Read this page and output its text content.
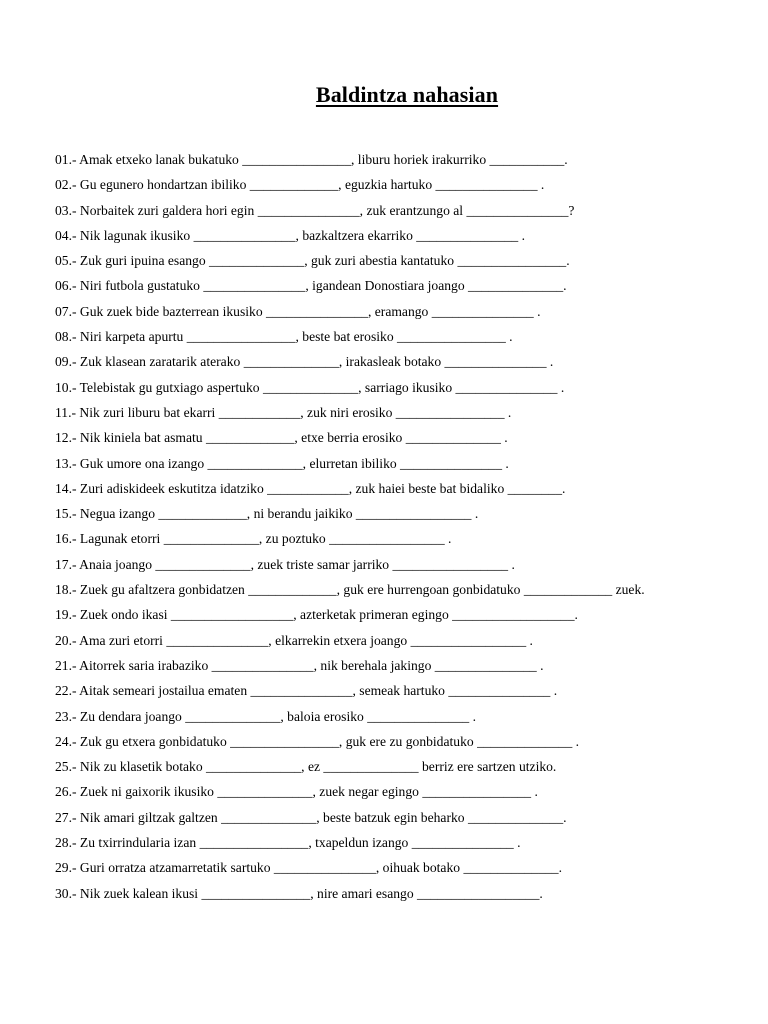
Baldintza nahasian
01.- Amak etxeko lanak bukatuko ________________, liburu horiek irakurriko ___________.
02.- Gu egunero hondartzan ibiliko _____________, eguzkia hartuko _______________ .
03.- Norbaitek zuri galdera hori egin _______________, zuk erantzungo al _______________?
04.- Nik lagunak ikusiko _______________, bazkaltzera ekarriko _______________ .
05.- Zuk guri ipuina esango ______________, guk zuri abestia kantatuko ________________.
06.- Niri futbola gustatuko _______________, igandean Donostiara joango ______________.
07.- Guk zuek bide bazterrean ikusiko _______________, eramango _______________ .
08.- Niri karpeta apurtu ________________, beste bat erosiko ________________ .
09.- Zuk klasean zaratarik aterako ______________, irakasleak botako _______________ .
10.- Telebistak gu gutxiago aspertuko ______________, sarriago ikusiko _______________ .
11.- Nik zuri liburu bat ekarri ____________, zuk niri erosiko ________________ .
12.- Nik kiniela bat asmatu _____________, etxe berria erosiko ______________ .
13.- Guk umore ona izango ______________, elurretan ibiliko _______________ .
14.- Zuri adiskideek eskutitza idatziko ____________, zuk haiei beste bat bidaliko ________.
15.- Negua izango _____________, ni berandu jaikiko _________________ .
16.- Lagunak etorri ______________, zu poztuko _________________ .
17.- Anaia joango ______________, zuek triste samar jarriko _________________ .
18.- Zuek gu afaltzera gonbidatzen _____________, guk ere hurrengoan gonbidatuko _____________ zuek.
19.- Zuek ondo ikasi __________________, azterketak primeran egingo __________________.
20.- Ama zuri etorri _______________, elkarrekin etxera joango _________________ .
21.- Aitorrek saria irabaziko _______________, nik berehala jakingo _______________ .
22.- Aitak semeari jostailua ematen _______________, semeak hartuko _______________ .
23.- Zu dendara joango ______________, baloia erosiko _______________ .
24.- Zuk gu etxera gonbidatuko ________________, guk ere zu gonbidatuko ______________ .
25.- Nik zu klasetik botako ______________, ez ______________ berriz ere sartzen utziko.
26.- Zuek ni gaixorik ikusiko ______________, zuek negar egingo ________________ .
27.- Nik amari giltzak galtzen ______________, beste batzuk egin beharko ______________.
28.- Zu txirrindularia izan ________________, txapeldun izango _______________ .
29.- Guri orratza atzamarretatik sartuko _______________, oihuak botako ______________.
30.- Nik zuek kalean ikusi ________________, nire amari esango __________________.
